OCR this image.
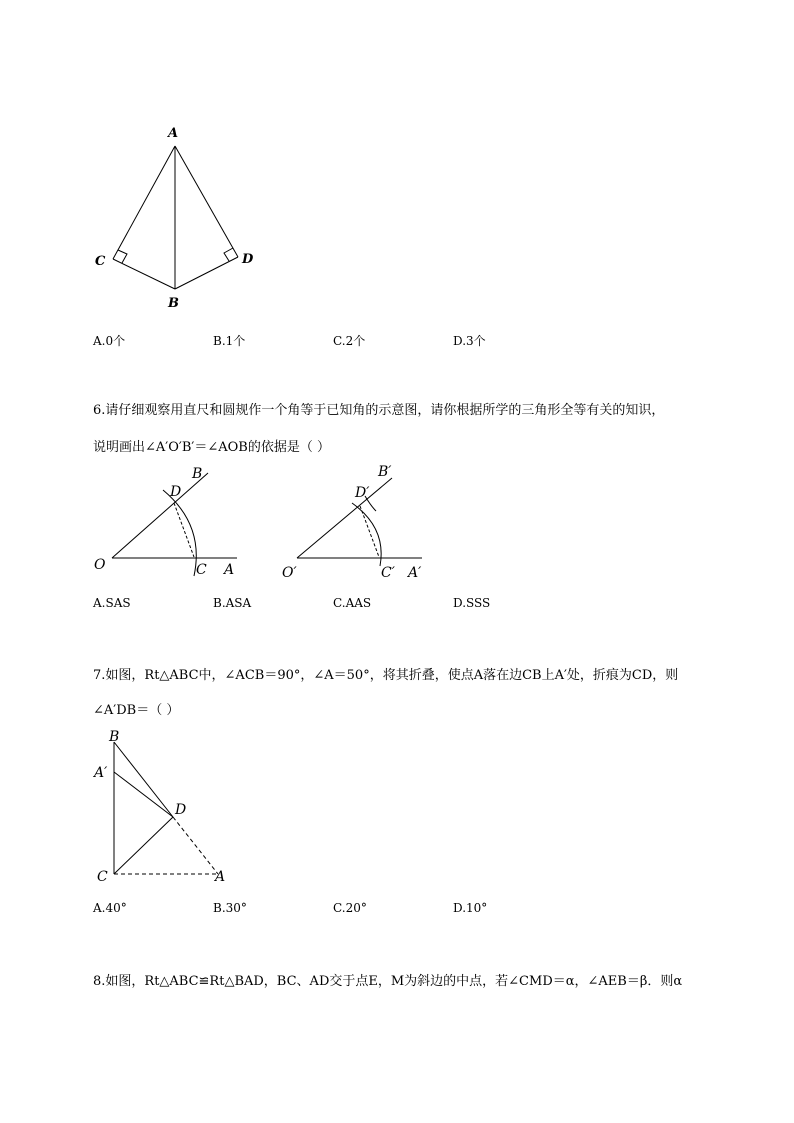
A
C	D
B
A.0个	B.1个	C.2个	D.3个
6.请仔细观察用直尺和圆规作一个角等于已知角的示意图，请你根据所学的三角形全等有关的知识，
说明画出∠A′O′B′＝∠AOB的依据是（ ）
O	C A
D
B
O′	C′ A′
D′
B′
A.SAS	B.ASA	C.AAS	D.SSS
7.如图，Rt△ABC中，∠ACB＝90°，∠A＝50°，将其折叠，使点A落在边CB上A′处，折痕为CD，则
∠A′DB＝（ ）
B
A′
D
C	A
A.40°	B.30°	C.20°	D.10°
8.如图，Rt△ABC≌Rt△BAD，BC、AD交于点E，M为斜边的中点，若∠CMD＝α，∠AEB＝β．则α
